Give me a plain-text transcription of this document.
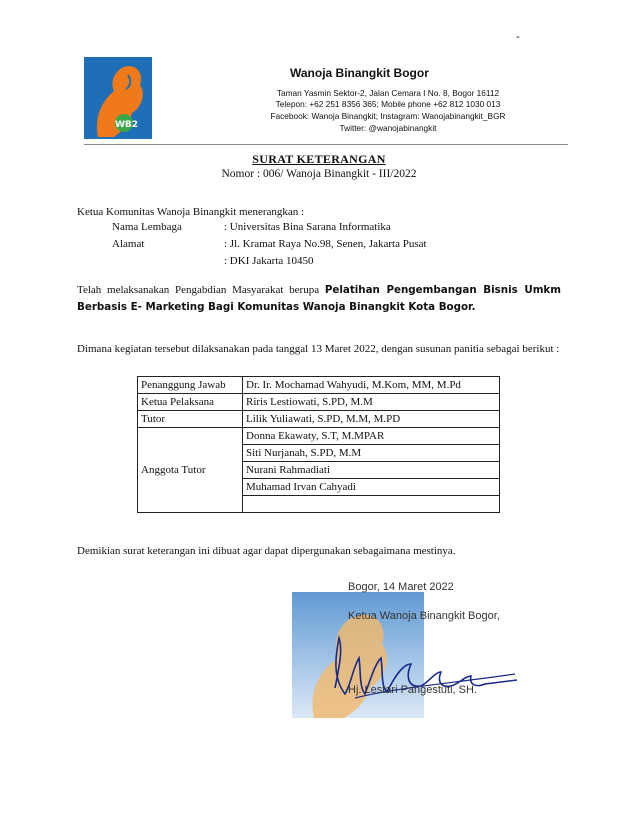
-
WB2
Wanoja Binangkit Bogor
Taman Yasmin Sektor-2, Jalan Cemara I No. 8, Bogor 16112
Telepon: +62 251 8356 365; Mobile phone +62 812 1030 013
Facebook: Wanoja Binangkit; Instagram: Wanojabinangkit_BGR
Twitter: @wanojabinangkit
SURAT KETERANGAN
Nomor : 006/ Wanoja Binangkit - III/2022
Ketua Komunitas Wanoja Binangkit menerangkan :
Nama Lembaga	: Universitas Bina Sarana Informatika
Alamat	: Jl. Kramat Raya No.98, Senen, Jakarta Pusat
: DKI Jakarta 10450
Telah melaksanakan Pengabdian Masyarakat berupa Pelatihan Pengembangan Bisnis Umkm Berbasis E- Marketing Bagi Komunitas Wanoja Binangkit Kota Bogor.
Dimana kegiatan tersebut dilaksanakan pada tanggal 13 Maret 2022, dengan susunan panitia sebagai berikut :
Penanggung Jawab	Dr. Ir. Mochamad Wahyudi, M.Kom, MM, M.Pd
Ketua Pelaksana	Riris Lestiowati, S.PD, M.M
Tutor	Lilik Yuliawati, S.PD, M.M, M.PD
Anggota Tutor	Donna Ekawaty, S.T, M.MPAR
	Siti Nurjanah, S.PD, M.M
	Nurani Rahmadiati
	Muhamad Irvan Cahyadi

Demikian surat keterangan ini dibuat agar dapat dipergunakan sebagaimana mestinya.
Bogor, 14 Maret 2022
Ketua Wanoja Binangkit Bogor,
Hj. Lestari Pangestuti, SH.
